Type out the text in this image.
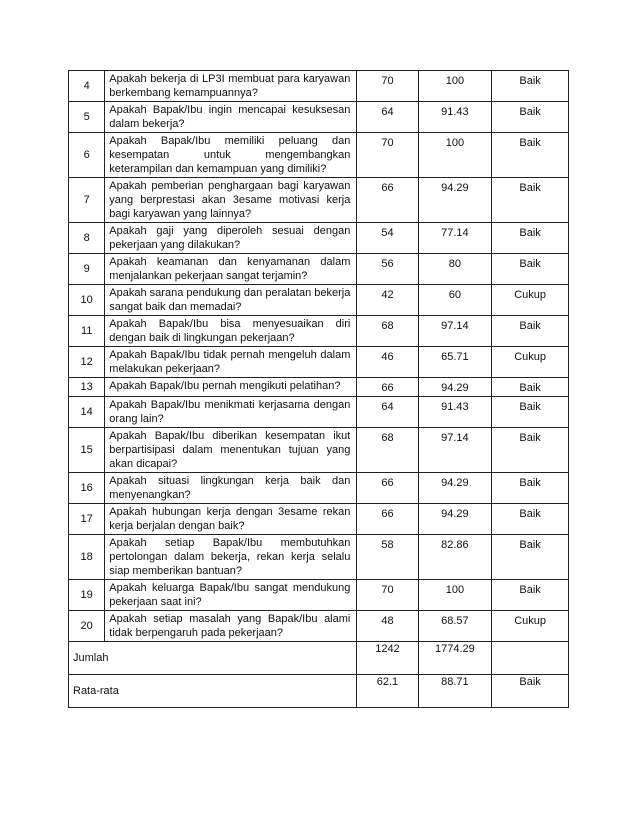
4	Apakah bekerja di LP3I membuat para karyawan berkembang kemampuannya?	70	100	Baik
5	Apakah Bapak/Ibu ingin mencapai kesuksesan dalam bekerja?	64	91.43	Baik
6	Apakah Bapak/Ibu memiliki peluang dan kesempatan untuk mengembangkan keterampilan dan kemampuan yang dimiliki?	70	100	Baik
7	Apakah pemberian penghargaan bagi karyawan yang berprestasi akan 3esame motivasi kerja bagi karyawan yang lainnya?	66	94.29	Baik
8	Apakah gaji yang diperoleh sesuai dengan pekerjaan yang dilakukan?	54	77.14	Baik
9	Apakah keamanan dan kenyamanan dalam menjalankan pekerjaan sangat terjamin?	56	80	Baik
10	Apakah sarana pendukung dan peralatan bekerja sangat baik dan memadai?	42	60	Cukup
11	Apakah Bapak/Ibu bisa menyesuaikan diri dengan baik di lingkungan pekerjaan?	68	97.14	Baik
12	Apakah Bapak/Ibu tidak pernah mengeluh dalam melakukan pekerjaan?	46	65.71	Cukup
13	Apakah Bapak/Ibu pernah mengikuti pelatihan?	66	94.29	Baik
14	Apakah Bapak/Ibu menikmati kerjasama dengan orang lain?	64	91.43	Baik
15	Apakah Bapak/Ibu diberikan kesempatan ikut berpartisipasi dalam menentukan tujuan yang akan dicapai?	68	97.14	Baik
16	Apakah situasi lingkungan kerja baik dan menyenangkan?	66	94.29	Baik
17	Apakah hubungan kerja dengan 3esame rekan kerja berjalan dengan baik?	66	94.29	Baik
18	Apakah setiap Bapak/Ibu membutuhkan pertolongan dalam bekerja, rekan kerja selalu siap memberikan bantuan?	58	82.86	Baik
19	Apakah keluarga Bapak/Ibu sangat mendukung pekerjaan saat ini?	70	100	Baik
20	Apakah setiap masalah yang Bapak/Ibu alami tidak berpengaruh pada pekerjaan?	48	68.57	Cukup
Jumlah		1242	1774.29	
Rata-rata		62.1	88.71	Baik
